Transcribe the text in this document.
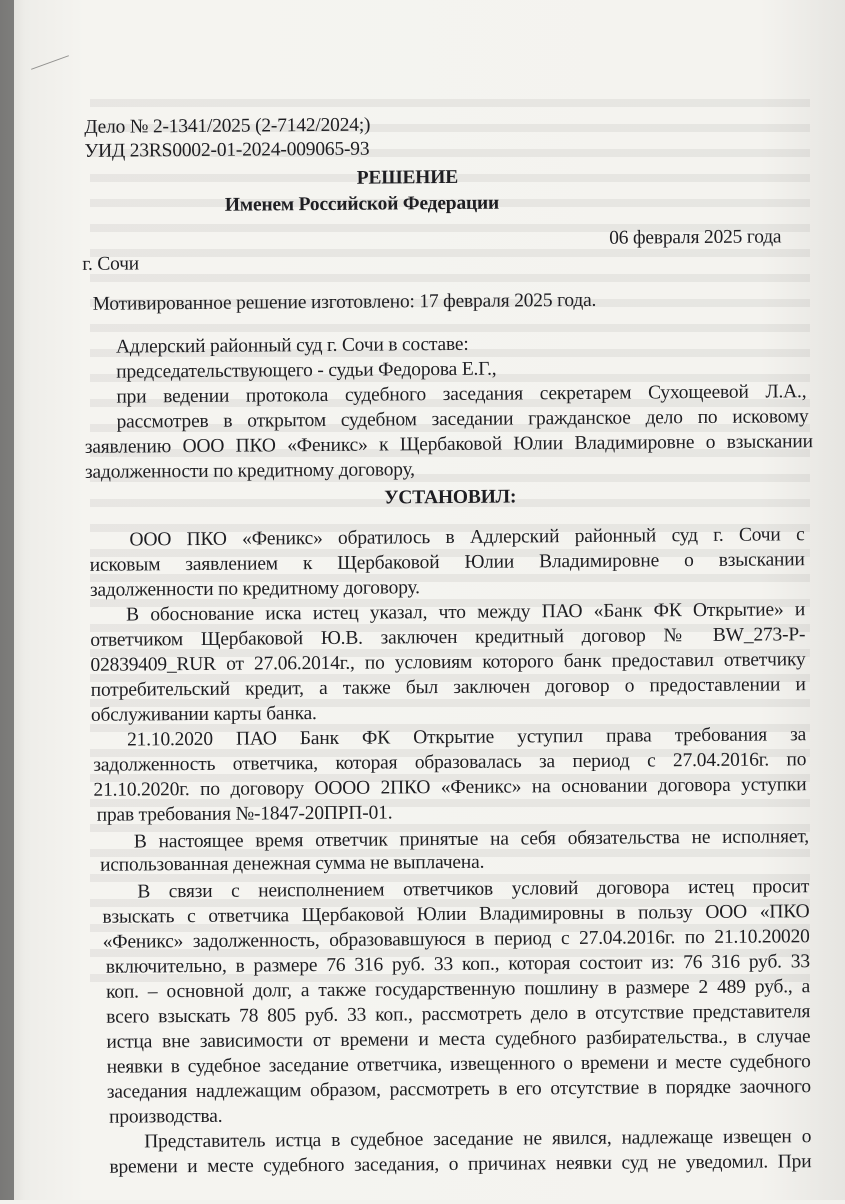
Дело № 2-1341/2025 (2-7142/2024;)
УИД 23RS0002-01-2024-009065-93
РЕШЕНИЕ
Именем Российской Федерации
06 февраля 2025 года
г. Сочи
Мотивированное решение изготовлено: 17 февраля 2025 года.
Адлерский районный суд г. Сочи в составе:
председательствующего - судьи Федорова Е.Г.,
при ведении протокола судебного заседания секретарем Сухощеевой Л.А.,
рассмотрев в открытом судебном заседании гражданское дело по исковому
заявлению ООО ПКО «Феникс» к Щербаковой Юлии Владимировне о взыскании
задолженности по кредитному договору,
УСТАНОВИЛ:
ООО ПКО «Феникс» обратилось в Адлерский районный суд г. Сочи с
исковым заявлением к Щербаковой Юлии Владимировне о взыскании
задолженности по кредитному договору.
В обоснование иска истец указал, что между ПАО «Банк ФК Открытие» и
ответчиком Щербаковой Ю.В. заключен кредитный договор № BW_273-P-
02839409_RUR от 27.06.2014г., по условиям которого банк предоставил ответчику
потребительский кредит, а также был заключен договор о предоставлении и
обслуживании карты банка.
21.10.2020 ПАО Банк ФК Открытие уступил права требования за
задолженность ответчика, которая образовалась за период с 27.04.2016г. по
21.10.2020г. по договору ОООО 2ПКО «Феникс» на основании договора уступки
прав требования №-1847-20ПРП-01.
В настоящее время ответчик принятые на себя обязательства не исполняет,
использованная денежная сумма не выплачена.
В связи с неисполнением ответчиков условий договора истец просит
взыскать с ответчика Щербаковой Юлии Владимировны в пользу ООО «ПКО
«Феникс» задолженность, образовавшуюся в период с 27.04.2016г. по 21.10.20020
включительно, в размере 76 316 руб. 33 коп., которая состоит из: 76 316 руб. 33
коп. – основной долг, а также государственную пошлину в размере 2 489 руб., а
всего взыскать 78 805 руб. 33 коп., рассмотреть дело в отсутствие представителя
истца вне зависимости от времени и места судебного разбирательства., в случае
неявки в судебное заседание ответчика, извещенного о времени и месте судебного
заседания надлежащим образом, рассмотреть в его отсутствие в порядке заочного
производства.
Представитель истца в судебное заседание не явился, надлежаще извещен о
времени и месте судебного заседания, о причинах неявки суд не уведомил. При
